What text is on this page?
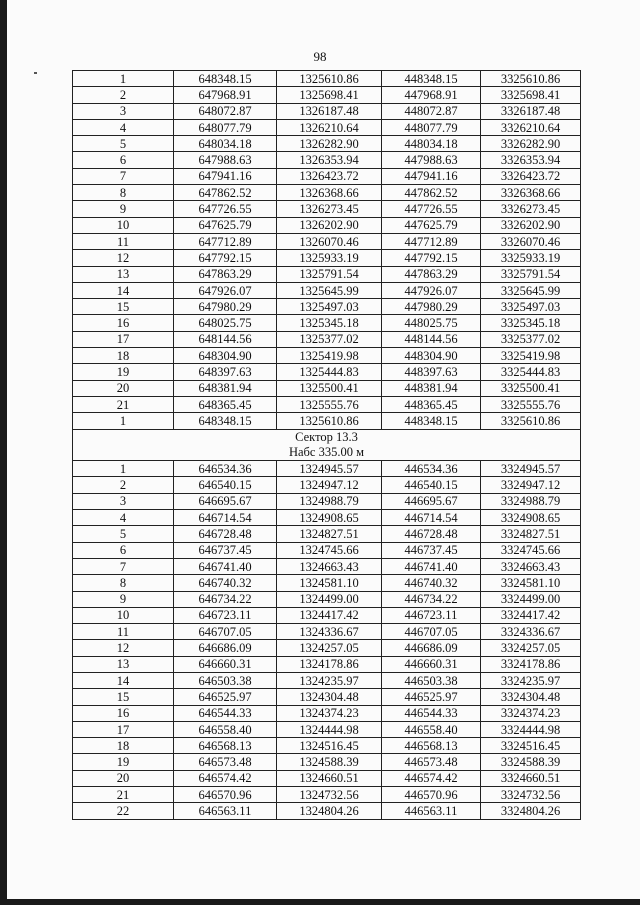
98
1	648348.15	1325610.86	448348.15	3325610.86
2	647968.91	1325698.41	447968.91	3325698.41
3	648072.87	1326187.48	448072.87	3326187.48
4	648077.79	1326210.64	448077.79	3326210.64
5	648034.18	1326282.90	448034.18	3326282.90
6	647988.63	1326353.94	447988.63	3326353.94
7	647941.16	1326423.72	447941.16	3326423.72
8	647862.52	1326368.66	447862.52	3326368.66
9	647726.55	1326273.45	447726.55	3326273.45
10	647625.79	1326202.90	447625.79	3326202.90
11	647712.89	1326070.46	447712.89	3326070.46
12	647792.15	1325933.19	447792.15	3325933.19
13	647863.29	1325791.54	447863.29	3325791.54
14	647926.07	1325645.99	447926.07	3325645.99
15	647980.29	1325497.03	447980.29	3325497.03
16	648025.75	1325345.18	448025.75	3325345.18
17	648144.56	1325377.02	448144.56	3325377.02
18	648304.90	1325419.98	448304.90	3325419.98
19	648397.63	1325444.83	448397.63	3325444.83
20	648381.94	1325500.41	448381.94	3325500.41
21	648365.45	1325555.76	448365.45	3325555.76
1	648348.15	1325610.86	448348.15	3325610.86
Сектор 13.3				
Набс 335.00 м				
1	646534.36	1324945.57	446534.36	3324945.57
2	646540.15	1324947.12	446540.15	3324947.12
3	646695.67	1324988.79	446695.67	3324988.79
4	646714.54	1324908.65	446714.54	3324908.65
5	646728.48	1324827.51	446728.48	3324827.51
6	646737.45	1324745.66	446737.45	3324745.66
7	646741.40	1324663.43	446741.40	3324663.43
8	646740.32	1324581.10	446740.32	3324581.10
9	646734.22	1324499.00	446734.22	3324499.00
10	646723.11	1324417.42	446723.11	3324417.42
11	646707.05	1324336.67	446707.05	3324336.67
12	646686.09	1324257.05	446686.09	3324257.05
13	646660.31	1324178.86	446660.31	3324178.86
14	646503.38	1324235.97	446503.38	3324235.97
15	646525.97	1324304.48	446525.97	3324304.48
16	646544.33	1324374.23	446544.33	3324374.23
17	646558.40	1324444.98	446558.40	3324444.98
18	646568.13	1324516.45	446568.13	3324516.45
19	646573.48	1324588.39	446573.48	3324588.39
20	646574.42	1324660.51	446574.42	3324660.51
21	646570.96	1324732.56	446570.96	3324732.56
22	646563.11	1324804.26	446563.11	3324804.26
